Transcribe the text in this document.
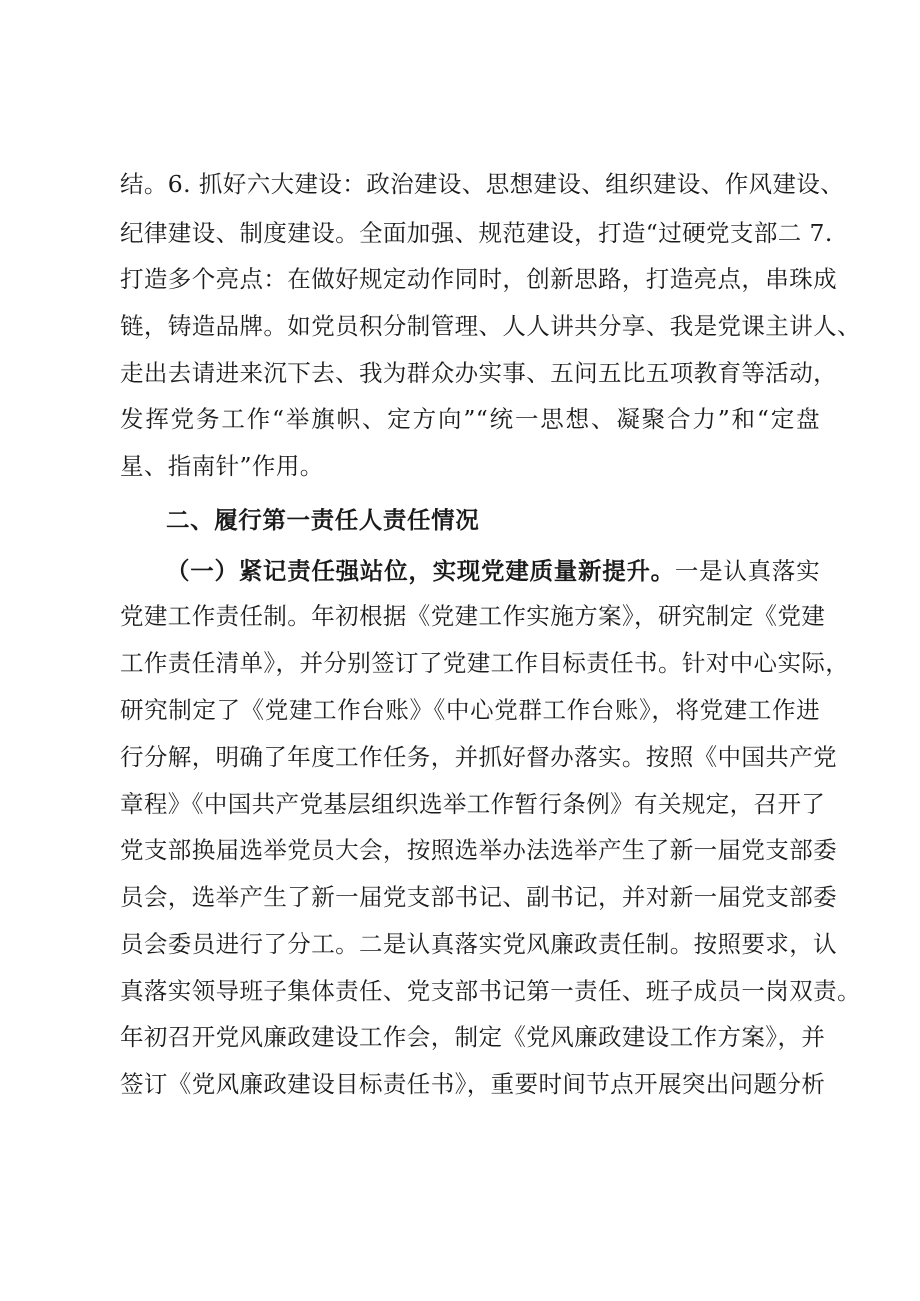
结。6. 抓好六大建设：政治建设、思想建设、组织建设、作风建设、
纪律建设、制度建设。全面加强、规范建设，打造“过硬党支部二 7.
打造多个亮点：在做好规定动作同时，创新思路，打造亮点，串珠成
链，铸造品牌。如党员积分制管理、人人讲共分享、我是党课主讲人、
走出去请进来沉下去、我为群众办实事、五问五比五项教育等活动，
发挥党务工作“举旗帜、定方向”“统一思想、凝聚合力”和“定盘
星、指南针”作用。
二、履行第一责任人责任情况
（一）紧记责任强站位，实现党建质量新提升。一是认真落实
党建工作责任制。年初根据《党建工作实施方案》，研究制定《党建
工作责任清单》，并分别签订了党建工作目标责任书。针对中心实际，
研究制定了《党建工作台账》《中心党群工作台账》，将党建工作进
行分解，明确了年度工作任务，并抓好督办落实。按照《中国共产党
章程》《中国共产党基层组织选举工作暂行条例》有关规定，召开了
党支部换届选举党员大会，按照选举办法选举产生了新一届党支部委
员会，选举产生了新一届党支部书记、副书记，并对新一届党支部委
员会委员进行了分工。二是认真落实党风廉政责任制。按照要求，认
真落实领导班子集体责任、党支部书记第一责任、班子成员一岗双责。
年初召开党风廉政建设工作会，制定《党风廉政建设工作方案》，并
签订《党风廉政建设目标责任书》，重要时间节点开展突出问题分析
